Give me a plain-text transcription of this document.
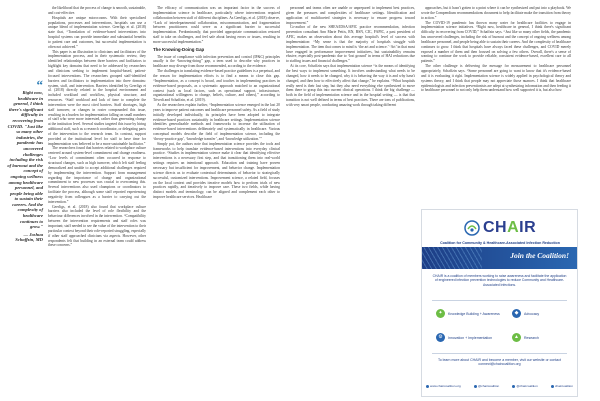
“
Right now, healthcare in general, I think there's significant difficulty in recovering from COVID. "Just like so many other industries, the pandemic has uncovered challenges including the risk of burnout and the concept of ongoing wellness among healthcare personnel, and people being able to sustain their careers. And the complexity of healthcare continues to grow."
— Joshua Schaffzin, MD

the likelihood that the process of change is smooth, sustainable, and cost-effective.

Hospitals are unique microcosms. With their specialized populations, processes and interventions, hospitals can use a unique blend of implementation science. Geerligs et al. (2018) state that, “Translation of evidence-based interventions into hospital systems can provide immediate and substantial benefits to patient care and outcomes, but successful implementation is often not achieved.”

This paper is an illustration to clinicians and facilitators of the implementation process, and in their systematic review, they identified relationships between three barriers and facilitators to highlight key domains that need to be addressed by researchers and clinicians seeking to implement hospital-based, patient-focused interventions. The researchers grouped staff-identified barriers and facilitators to implementation into three domains: system, staff, and intervention. Barriers identified by Geerligs et al. (2018) directly related to the hospital environment and included workload and workflow, physical structure, and resources. “Staff workload and lack of time to complete the intervention were the most cited barriers. Staff shortages, high staff turnover, or changes in roster compounded this issue, resulting in a burden for implementation falling on small numbers of staff who were more interested, rather than generating change at the institution level. Several studies targeted this issue by hiring additional staff, such as a research coordinator, or delegating parts of the intervention to the research team. In contrast, support provided at the institutional level for staff to have time for implementation was believed to be a more sustainable facilitator.”

The researchers found that barriers related to workplace culture centered around system-level commitment and change readiness. “Low levels of commitment often occurred in response to structural changes, such as high turnover, which left staff feeling demoralized and unable to accept additional challenges required by implementing the intervention. Support from management regarding the importance of change and organizational commitment to new processes was crucial to overcoming this. Several interventions also used champions or coordinators to facilitate the process, although some staff reported experiencing negativity from colleagues as a barrier to carrying out the intervention.”

Geerligs, et al. (2018) also found that workplace culture barriers also included the level of role flexibility and the behaviour differences involved in the intervention. “Compatibility between the intervention requirements and staff roles was important; staff needed to see the value of the intervention to their particular context beyond their role-reported struggling, especially if other staff approached clinicians via aspects. However, other respondents felt that building in an external team could address these concerns.”

The efficacy of communication was an important factor in the success of implementation science in healthcare, particularly where interventions required collaboration between staff of different disciplines. As Geerligs, et al. (2018) observe, “Lack of interdepartmental collaboration, miscommunication, and fragmentation between practitioners could serve as a significant barrier to successful implementation. Predominantly, that provided appropriate communication restored staff to take on challenges, and feel safe about having errors or issues, resulting in more successful implementation.”

The Knowing-Doing Gap

The issue of compliance with infection prevention and control (IP&C) principles usually is the “knowing-doing” gap, a term used to describe why practices in healthcare may diverge from those recommended, according to the evidence.

The challenges in translating evidence-based practice guidelines is a perpetual, and the reason for implementation efforts is to find a means to close this gap. “Implementation, as a concept is broad, and touches in implementing practices in evidence-based proposals, as a systematic approach matched to an organizational context (such as local factors, such as operational support, infrastructure, organizational willingness to change, beliefs, culture, and others),” according to Trivedi and Schaffzin, et al. (2019).

As the researchers explain further, “Implementation science emerged in the last 20 years to improve patient outcomes and healthcare personnel safety. As a field of study initially developed individually, its principles have been adopted to integrate evidence-based practices sustainably in healthcare settings. Implementation science identifies generalizable methods and frameworks to increase the utilization of evidence-based interventions deliberately and systematically in healthcare. Various conceptual models describe the field of implementation science, including the ‘theory-practice gap’, ‘knowledge transfer’, and ‘knowledge utilization.’”

Simply put, the authors note that implementation science provides the tools and frameworks to help translate evidence-based interventions into everyday clinical practice. “Studies in implementation science make it clear that identifying effective interventions is a necessary first step, and that transitioning them into real-world settings requires an intentional approach. Education and training have proven necessary but insufficient for improvement, and behavior change. Implementation science directs us to evaluate contextual determinants of behavior to strategically successful, customized interventions. Improvement science, a related field, focuses on the local context and provides iterative models how to perform trials of new practices rapidly, and iteratively to improve care. These two fields, while having distinct models and terminology, can be aligned and complement each other to improve healthcare services. Healthcare

personnel and teams often are unable or unprepared to implement best practices, given the pressures and complexities of healthcare settings. Identification and application of multifaceted strategies is necessary to ensure progress toward improvement.”

Co-author of the new SHEA/IDSA/APIC practice recommendation, infection prevention consultant Ann Marie Pettis, RN, BSN, CIC, FAPIC, a past president of APIC, makes an observation about this average hospital's level of success with implementation: “My sense is that the majority of hospitals struggle with implementation. The item that comes to mind is ‘the art and science.’ ‘Art’ in that most have engaged in performance improvement initiatives, but sustainability remains elusive, especially post-pandemic due to ‘lost ground’ in terms of HAI reductions due to staffing issues and financial challenges.”

At its core, Schaffzin says that implementation science “is the means of identifying the best ways to implement something. It involves understanding what needs to be changed, how it needs to be changed, why it is behaving the way it is and why hasn't changed, and then how to effectively affect that change,” he explains. “What hospitals really need is their last step, but they also need everything else synthesized to move them there to grasp this into current clinical operations. I think the big challenge — both in the field of implementation science and in the hospital setting — is that that transition is not well defined in terms of best practices. There are tons of publications, with very smart people, conducting amazing work through taking different

approaches, but it hasn't gotten to a point where it can be synthesized and put into a playbook. We wrote the Compendium recommendations document to help facilitate make the transition from theory to action.”

The COVID-19 pandemic has thrown many water for healthcare facilities to engage in implementation science initiatives. “Right now, healthcare in general, I think there's significant difficulty in recovering from COVID,” Schaffzin says. “Just like so many other fields, the pandemic has uncovered challenges, including the risk of burnout and the concept of ongoing wellness among healthcare personnel, and people being able to sustain their careers. And the complexity of healthcare continues to grow. I think that hospitals have always faced these challenges, and COVID merely exposed a number of them and then focused on solving a few others. Overall, there's a sense of wanting to continue the work to provide reliable, consistent evidence-based, excellent care to all patients.”

The other challenge is delivering the message for measurement to healthcare personnel appropriately, Schaffzin says. “Some personnel are going to want to know that it's evidence-based and it is evaluating it right. Implementation science is widely applied in psychological theory and systems theory, and I think that people may not appreciate those nuances. I think that healthcare epidemiologists and infection preventionists are adept at synthesizing information and then feeding it to healthcare personnel to not only help them understand how well supported it is, but also how

CHAIR
Coalition for Community & Healthcare-Associated Infection Reduction
Join the Coalition!
CHAIR is a coalition of members working to raise awareness and facilitate the application of engineered infection prevention technologies to reduce Community and Healthcare-Associated Infections.
✦	Knowledge Building + Awareness	◆	Advocacy
⚙	Innovation + Implementation	▲	Research
To learn more about CHAIR and become a member, visit our website or contact connect@chaircoalition.org
www.chaircoalition.org	@chaircoalition	@chaircoalition	chaircoalition
